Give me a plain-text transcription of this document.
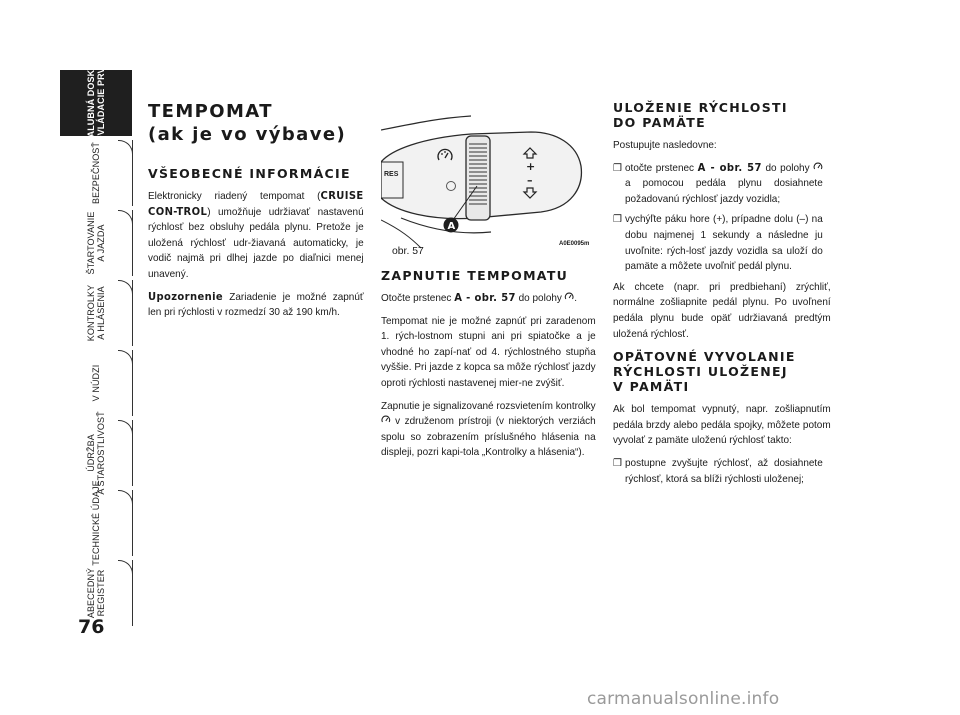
PALUBNÁ DOSKA
A OVLÁDACIE PRVKY
BEZPEČNOSŤ
ŠTARTOVANIE
A JAZDA
KONTROLKY
A HLÁSENIA
V NÚDZI
ÚDRŽBA
A STAROSTLIVOSŤ
TECHNICKÉ ÚDAJE
ABECEDNÝ
REGISTER
76
TEMPOMAT
(ak je vo výbave)
VŠEOBECNÉ INFORMÁCIE

Elektronicky riadený tempomat (CRUISE CON-TROL) umožňuje udržiavať nastavenú rýchlosť bez obsluhy pedála plynu. Pretože je uložená rýchlosť udr-žiavaná automaticky, je vodič najmä pri dlhej jazde po diaľnici menej unavený.

Upozornenie Zariadenie je možné zapnúť len pri rýchlosti v rozmedzí 30 až 190 km/h.

RES
+
–
A
obr. 57
A0E0095m
ZAPNUTIE TEMPOMATU

Otočte prstenec A - obr. 57 do polohy .

Tempomat nie je možné zapnúť pri zaradenom 1. rých-lostnom stupni ani pri spiatočke a je vhodné ho zapí-nať od 4. rýchlostného stupňa vyššie. Pri jazde z kopca sa môže rýchlosť jazdy oproti rýchlosti nastavenej mier-ne zvýšiť.

Zapnutie je signalizované rozsvietením kontrolky  v združenom prístroji (v niektorých verziách spolu so zobrazením príslušného hlásenia na displeji, pozri kapi-tola „Kontrolky a hlásenia“).

ULOŽENIE RÝCHLOSTI
DO PAMÄTE

Postupujte nasledovne:

❒ otočte prstenec A - obr. 57 do polohy  a pomocou pedála plynu dosiahnete požadovanú rýchlosť jazdy vozidla;

❒ vychýľte páku hore (+), prípadne dolu (–) na dobu najmenej 1 sekundy a následne ju uvoľnite: rých-losť jazdy vozidla sa uloží do pamäte a môžete uvoľniť pedál plynu.

Ak chcete (napr. pri predbiehaní) zrýchliť, normálne zošliapnite pedál plynu. Po uvoľnení pedála plynu bude opäť udržiavaná predtým uložená rýchlosť.

OPÄTOVNÉ VYVOLANIE
RÝCHLOSTI ULOŽENEJ
V PAMÄTI

Ak bol tempomat vypnutý, napr. zošliapnutím pedála brzdy alebo pedála spojky, môžete potom vyvolať z pamäte uloženú rýchlosť takto:

❒ postupne zvyšujte rýchlosť, až dosiahnete rýchlosť, ktorá sa blíži rýchlosti uloženej;

carmanualsonline.info
